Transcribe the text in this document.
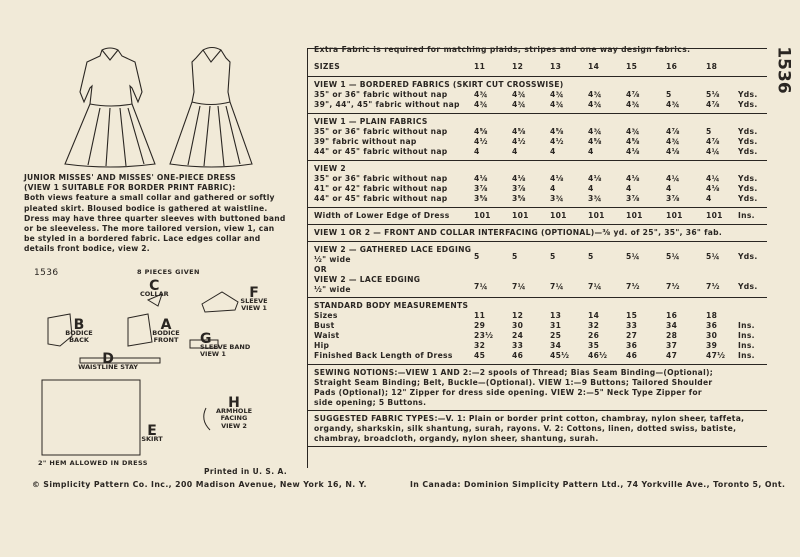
JUNIOR MISSES' AND MISSES' ONE-PIECE DRESS
(VIEW 1 SUITABLE FOR BORDER PRINT FABRIC):
Both views feature a small collar and gathered or softly pleated skirt. Bloused bodice is gathered at waistline. Dress may have three quarter sleeves with buttoned band or be sleeveless. The more tailored version, view 1, can be styled in a bordered fabric. Lace edges collar and details front bodice, view 2.
1536	8 PIECES GIVEN
C
COLLAR	F
SLEEVE VIEW 1
B
BODICE BACK
A
BODICE FRONT	G
SLEEVE BAND VIEW 1
D
WAISTLINE STAY
H
ARMHOLE FACING VIEW 2
E
SKIRT
2" HEM ALLOWED IN DRESS
Printed in U. S. A.
© Simplicity Pattern Co. Inc., 200 Madison Avenue, New York 16, N. Y.	In Canada: Dominion Simplicity Pattern Ltd., 74 Yorkville Ave., Toronto 5, Ont.
Extra Fabric is required for matching plaids, stripes and one way design fabrics.
SIZES	11	12	13	14	15	16	18
VIEW 1 — BORDERED FABRICS (SKIRT CUT CROSSWISE)
35" or 36" fabric without nap	4¾	4¾	4¾	4¾	4⅞	5	5⅛ Yds.
39", 44", 45" fabric without nap 4¾	4¾	4¾	4¾	4¾	4¾	4⅞ Yds.
VIEW 1 — PLAIN FABRICS
35" or 36" fabric without nap	4⅝	4⅝	4⅝	4¾	4¾	4⅞	5	Yds.
39" fabric without nap	4½	4½	4½	4⅝	4⅝	4¾	4⅞ Yds.
44" or 45" fabric without nap	4	4	4	4	4⅛	4⅛	4¼ Yds.
VIEW 2
35" or 36" fabric without nap	4⅛	4⅛	4⅛	4⅛	4⅛	4¼	4¼ Yds.
41" or 42" fabric without nap	3⅞	3⅞	4	4	4	4	4⅛ Yds.
44" or 45" fabric without nap	3⅝	3⅝	3¾	3¾	3⅞	3⅞	4	Yds.
Width of Lower Edge of Dress	101	101	101	101	101	101	101 Ins.
VIEW 1 OR 2 — FRONT AND COLLAR INTERFACING (OPTIONAL)—⅜ yd. of 25", 35", 36" fab.
VIEW 2 — GATHERED LACE EDGING
½" wide	5	5	5	5	5¼	5¼	5¼ Yds.
OR
VIEW 2 — LACE EDGING
½" wide	7¼	7¼	7¼	7¼	7½	7½	7½ Yds.
STANDARD BODY MEASUREMENTS
Sizes	11	12	13	14	15	16	18
Bust	29	30	31	32	33	34	36	Ins.
Waist	23½ 24	25	26	27	28	30	Ins.
Hip	32	33	34	35	36	37	39	Ins.
Finished Back Length of Dress	45	46	45½ 46½ 46	47	47½ Ins.
SEWING NOTIONS:—VIEW 1 AND 2:—2 spools of Thread; Bias Seam Binding—(Optional);
Straight Seam Binding; Belt, Buckle—(Optional). VIEW 1:—9 Buttons; Tailored Shoulder
Pads (Optional); 12" Zipper for dress side opening. VIEW 2:—5" Neck Type Zipper for
side opening; 5 Buttons.
SUGGESTED FABRIC TYPES:—V. 1: Plain or border print cotton, chambray, nylon sheer, taffeta,
organdy, sharkskin, silk shantung, surah, rayons. V. 2: Cottons, linen, dotted swiss, batiste,
chambray, broadcloth, organdy, nylon sheer, shantung, surah.
1536
